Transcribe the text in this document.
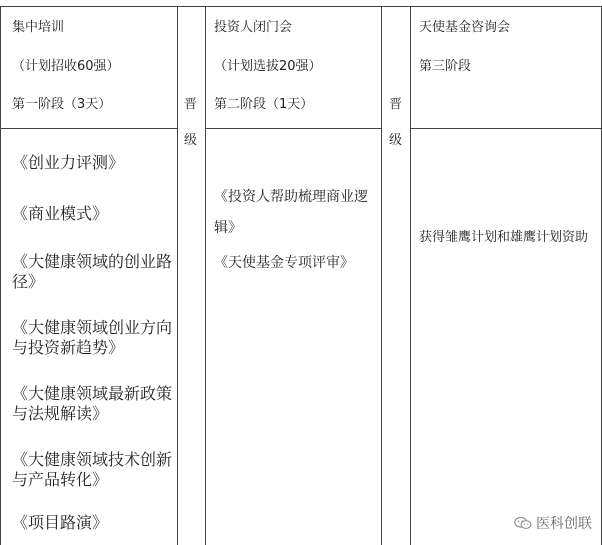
集中培训
（计划招收60强）
第一阶段（3天）
《创业力评测》
《商业模式》
《大健康领域的创业路径》
《大健康领域创业方向与投资新趋势》
《大健康领域最新政策与法规解读》
《大健康领域技术创新与产品转化》
《项目路演》
晋
级
投资人闭门会
（计划选拔20强）
第二阶段（1天）
《投资人帮助梳理商业逻辑》
《天使基金专项评审》
晋
级
天使基金咨询会
第三阶段
获得雏鹰计划和雄鹰计划资助
医科创联
